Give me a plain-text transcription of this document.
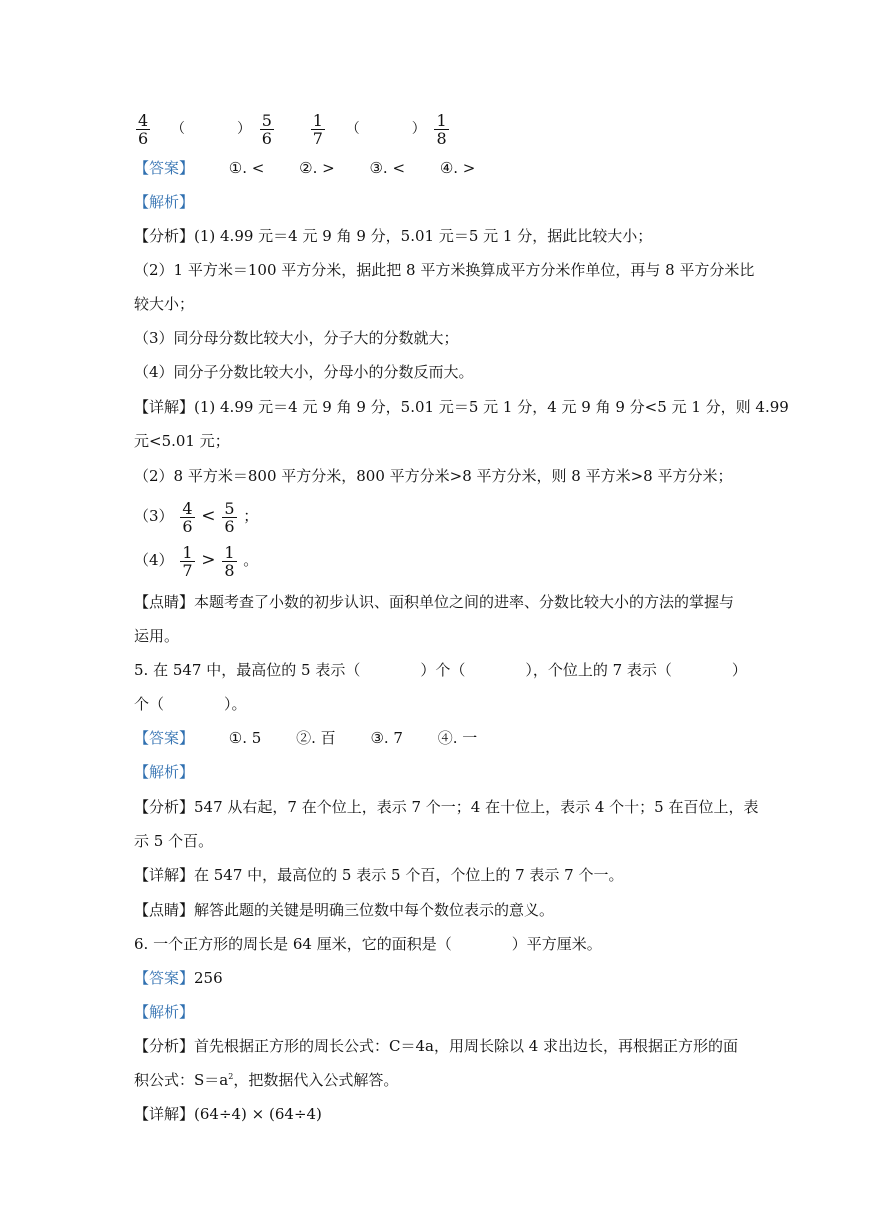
$\frac{4}{6}$ （	） $\frac{5}{6}$
$\frac{1}{7}$ （	） $\frac{1}{8}$
【答案】 ①. < ②. > ③. < ④. >
【解析】
【分析】(1) 4.99 元＝4 元 9 角 9 分，5.01 元＝5 元 1 分，据此比较大小；
（2）1 平方米＝100 平方分米，据此把 8 平方米换算成平方分米作单位，再与 8 平方分米比
较大小；
（3）同分母分数比较大小，分子大的分数就大；
（4）同分子分数比较大小，分母小的分数反而大。
【详解】(1) 4.99 元＝4 元 9 角 9 分，5.01 元＝5 元 1 分，4 元 9 角 9 分<5 元 1 分，则 4.99
元<5.01 元；
（2）8 平方米＝800 平方分米，800 平方分米>8 平方分米，则 8 平方米>8 平方分米；
$(3) \frac{4}{6} < \frac{5}{6}$ ；
$(4) \frac{1}{7} > \frac{1}{8}$ 。
【点睛】本题考查了小数的初步认识、面积单位之间的进率、分数比较大小的方法的掌握与
运用。
5. 在 547 中，最高位的 5 表示（　　　　）个（　　　　），个位上的 7 表示（　　　　）
个（　　　　）。
【答案】 ①. 5 ②. 百 ③. 7 ④. 一
【解析】
【分析】547 从右起，7 在个位上，表示 7 个一；4 在十位上，表示 4 个十；5 在百位上，表
示 5 个百。
【详解】在 547 中，最高位的 5 表示 5 个百，个位上的 7 表示 7 个一。
【点睛】解答此题的关键是明确三位数中每个数位表示的意义。
6. 一个正方形的周长是 64 厘米，它的面积是（　　　　）平方厘米。
【答案】256
【解析】
【分析】首先根据正方形的周长公式：C＝4a，用周长除以 4 求出边长，再根据正方形的面
积公式：$S=a^2$，把数据代入公式解答。
【详解】(64÷4) × (64÷4)
